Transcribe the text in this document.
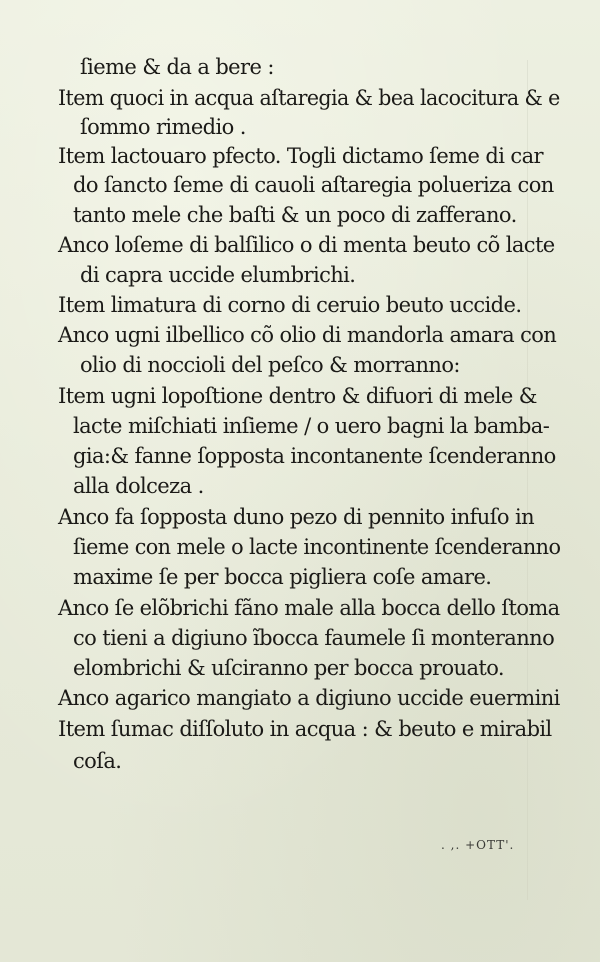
ſieme & da a bere :
Item quoci in acqua aſtaregia & bea lacocitura & e
ſommo rimedio .
Item lactouaro pfecto. Togli dictamo ſeme di car
do ſancto ſeme di cauoli aſtaregia polueriza con
tanto mele che baſti & un poco di zafferano.
Anco loſeme di balſilico o di menta beuto cõ lacte
di capra uccide elumbrichi.
Item limatura di corno di ceruio beuto uccide.
Anco ugni ilbellico cõ olio di mandorla amara con
olio di noccioli del peſco & morranno:
Item ugni lopoſtione dentro & difuori di mele &
lacte miſchiati inſieme / o uero bagni la bamba-
gia:& fanne ſopposta incontanente ſcenderanno
alla dolceza .
Anco fa ſopposta duno pezo di pennito infuſo in
ſieme con mele o lacte incontinente ſcenderanno
maxime ſe per bocca pigliera coſe amare.
Anco ſe elõbrichi fãno male alla bocca dello ſtoma
co tieni a digiuno ĩbocca faumele ſi monteranno
elombrichi & uſciranno per bocca prouato.
Anco agarico mangiato a digiuno uccide euermini
Item ſumac diſſoluto in acqua : & beuto e mirabil
coſa.
. ,. +OTT'.
